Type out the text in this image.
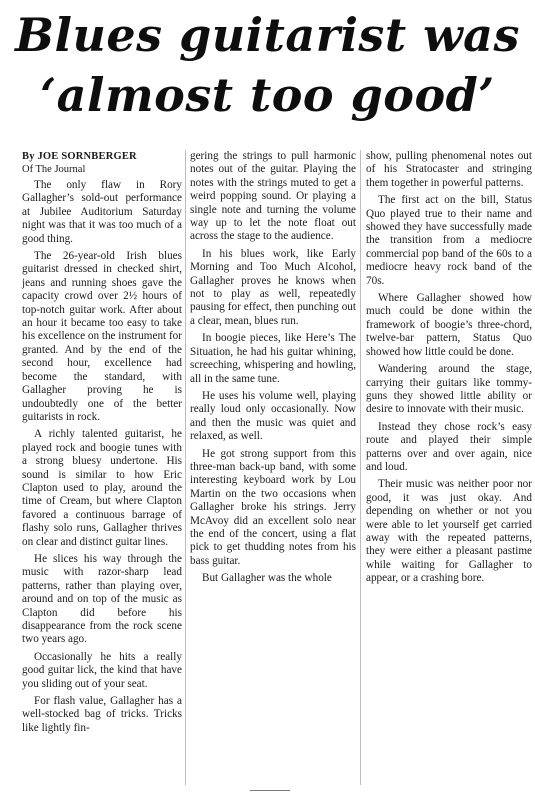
Blues guitarist was
‘almost too good’
By JOE SORNBERGER
Of The Journal

The only flaw in Rory Gallagher’s sold-out performance at Jubilee Auditorium Saturday night was that it was too much of a good thing.

The 26-year-old Irish blues guitarist dressed in checked shirt, jeans and running shoes gave the capacity crowd over 2½ hours of top-notch guitar work. After about an hour it became too easy to take his excellence on the instrument for granted. And by the end of the second hour, excellence had become the standard, with Gallagher proving he is undoubtedly one of the better guitarists in rock.

A richly talented guitarist, he played rock and boogie tunes with a strong bluesy undertone. His sound is similar to how Eric Clapton used to play, around the time of Cream, but where Clapton favored a continuous barrage of flashy solo runs, Gallagher thrives on clear and distinct guitar lines.

He slices his way through the music with razor-sharp lead patterns, rather than playing over, around and on top of the music as Clapton did before his disappearance from the rock scene two years ago.

Occasionally he hits a really good guitar lick, the kind that have you sliding out of your seat.

For flash value, Gallagher has a well-stocked bag of tricks. Tricks like lightly fin-

gering the strings to pull harmonic notes out of the guitar. Playing the notes with the strings muted to get a weird popping sound. Or playing a single note and turning the volume way up to let the note float out across the stage to the audience.

In his blues work, like Early Morning and Too Much Alcohol, Gallagher proves he knows when not to play as well, repeatedly pausing for effect, then punching out a clear, mean, blues run.

In boogie pieces, like Here’s The Situation, he had his guitar whining, screeching, whispering and howling, all in the same tune.

He uses his volume well, playing really loud only occasionally. Now and then the music was quiet and relaxed, as well.

He got strong support from this three-man back-up band, with some interesting keyboard work by Lou Martin on the two occasions when Gallagher broke his strings. Jerry McAvoy did an excellent solo near the end of the concert, using a flat pick to get thudding notes from his bass guitar.

But Gallagher was the whole

show, pulling phenomenal notes out of his Stratocaster and stringing them together in powerful patterns.

The first act on the bill, Status Quo played true to their name and showed they have successfully made the transition from a mediocre commercial pop band of the 60s to a mediocre heavy rock band of the 70s.

Where Gallagher showed how much could be done within the framework of boogie’s three-chord, twelve-bar pattern, Status Quo showed how little could be done.

Wandering around the stage, carrying their guitars like tommy-guns they showed little ability or desire to innovate with their music.

Instead they chose rock’s easy route and played their simple patterns over and over again, nice and loud.

Their music was neither poor nor good, it was just okay. And depending on whether or not you were able to let yourself get carried away with the repeated patterns, they were either a pleasant pastime while waiting for Gallagher to appear, or a crashing bore.
